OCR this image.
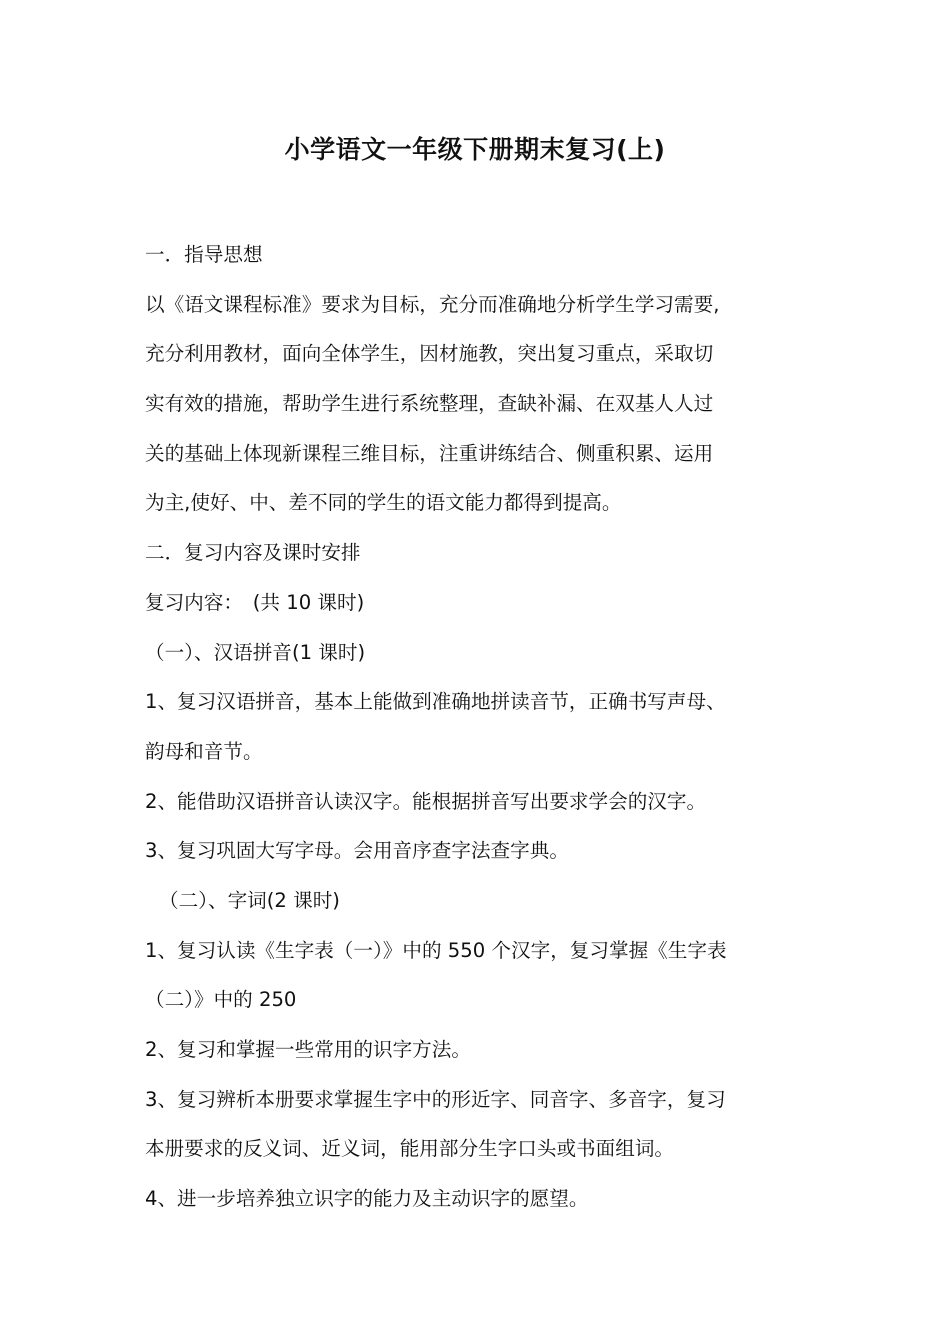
小学语文一年级下册期末复习(上)
一．指导思想
以《语文课程标准》要求为目标，充分而准确地分析学生学习需要,
充分利用教材，面向全体学生，因材施教，突出复习重点，采取切
实有效的措施，帮助学生进行系统整理，查缺补漏、在双基人人过
关的基础上体现新课程三维目标，注重讲练结合、侧重积累、运用
为主,使好、中、差不同的学生的语文能力都得到提高。
二．复习内容及课时安排
复习内容：　(共 10 课时)
（一）、汉语拼音(1 课时)
1、复习汉语拼音，基本上能做到准确地拼读音节，正确书写声母、
韵母和音节。
2、能借助汉语拼音认读汉字。能根据拼音写出要求学会的汉字。
3、复习巩固大写字母。会用音序查字法查字典。
（二）、字词(2 课时)
1、复习认读《生字表（一）》中的 550 个汉字，复习掌握《生字表
（二）》中的 250
2、复习和掌握一些常用的识字方法。
3、复习辨析本册要求掌握生字中的形近字、同音字、多音字，复习
本册要求的反义词、近义词，能用部分生字口头或书面组词。
4、进一步培养独立识字的能力及主动识字的愿望。
